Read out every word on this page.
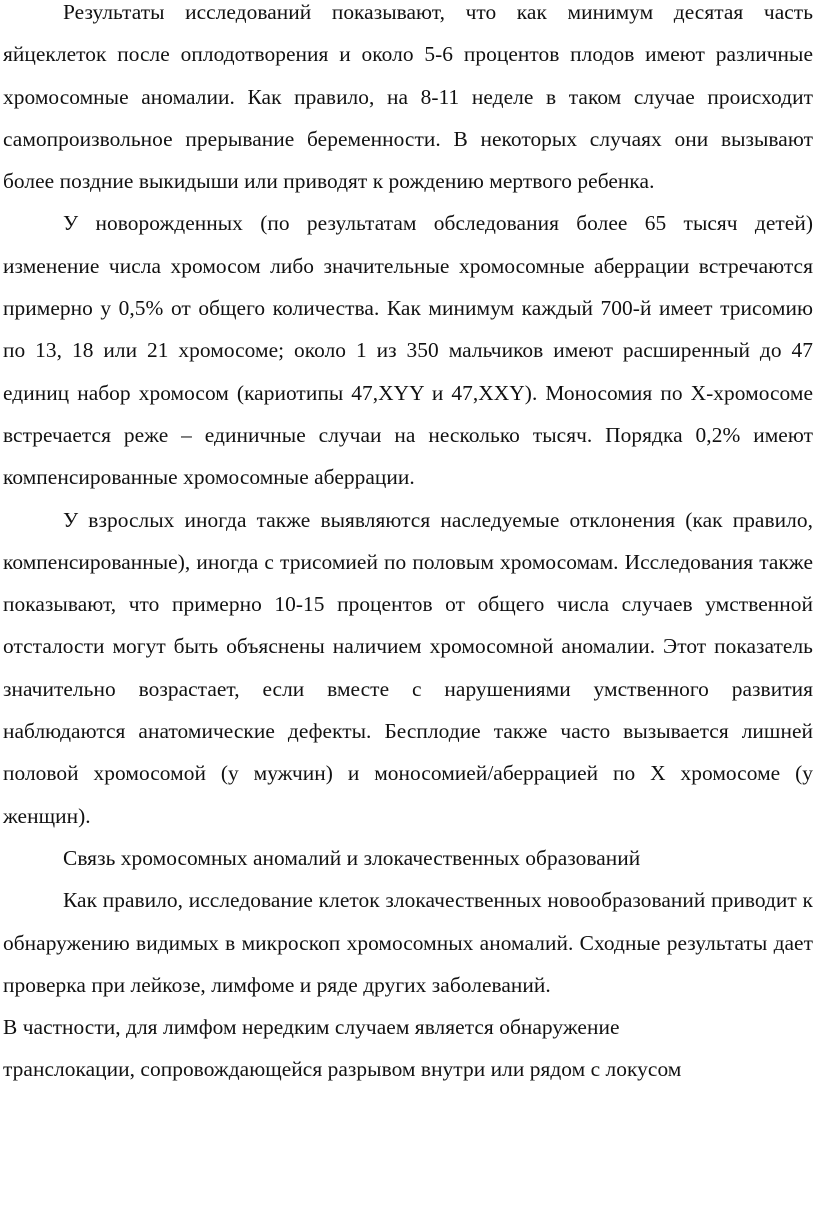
Результаты исследований показывают, что как минимум десятая часть яйцеклеток после оплодотворения и около 5-6 процентов плодов имеют различные хромосомные аномалии. Как правило, на 8-11 неделе в таком случае происходит самопроизвольное прерывание беременности. В некоторых случаях они вызывают более поздние выкидыши или приводят к рождению мертвого ребенка.

У новорожденных (по результатам обследования более 65 тысяч детей) изменение числа хромосом либо значительные хромосомные аберрации встречаются примерно у 0,5% от общего количества. Как минимум каждый 700-й имеет трисомию по 13, 18 или 21 хромосоме; около 1 из 350 мальчиков имеют расширенный до 47 единиц набор хромосом (кариотипы 47,XYY и 47,XXY). Моносомия по Х-хромосоме встречается реже – единичные случаи на несколько тысяч. Порядка 0,2% имеют компенсированные хромосомные аберрации.

У взрослых иногда также выявляются наследуемые отклонения (как правило, компенсированные), иногда с трисомией по половым хромосомам. Исследования также показывают, что примерно 10-15 процентов от общего числа случаев умственной отсталости могут быть объяснены наличием хромосомной аномалии. Этот показатель значительно возрастает, если вместе с нарушениями умственного развития наблюдаются анатомические дефекты. Бесплодие также часто вызывается лишней половой хромосомой (у мужчин) и моносомией/аберрацией по Х хромосоме (у женщин).

Связь хромосомных аномалий и злокачественных образований

Как правило, исследование клеток злокачественных новообразований приводит к обнаружению видимых в микроскоп хромосомных аномалий. Сходные результаты дает проверка при лейкозе, лимфоме и ряде других заболеваний.

В частности, для лимфом нередким случаем является обнаружение
транслокации, сопровождающейся разрывом внутри или рядом с локусом
